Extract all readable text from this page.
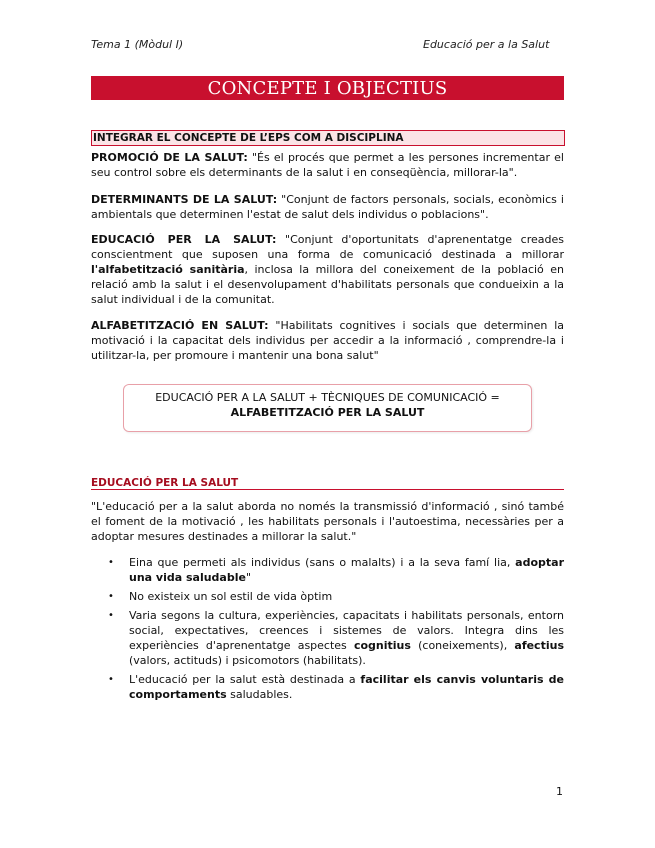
Tema 1 (Mòdul I)	Educació per a la Salut
CONCEPTE I OBJECTIUS
INTEGRAR EL CONCEPTE DE L’EPS COM A DISCIPLINA

PROMOCIÓ DE LA SALUT: "És el procés que permet a les persones incrementar el seu control sobre els determinants de la salut i en conseqüència, millorar-la".

DETERMINANTS DE LA SALUT: "Conjunt de factors personals, socials, econòmics i ambientals que determinen l'estat de salut dels individus o poblacions".

EDUCACIÓ PER LA SALUT: "Conjunt d'oportunitats d'aprenentatge creades conscientment que suposen una forma de comunicació destinada a millorar l'alfabetització sanitària, inclosa la millora del coneixement de la població en relació amb la salut i el desenvolupament d'habilitats personals que condueixin a la salut individual i de la comunitat.

ALFABETITZACIÓ EN SALUT: "Habilitats cognitives i socials que determinen la motivació i la capacitat dels individus per accedir a la informació , comprendre-la i utilitzar-la, per promoure i mantenir una bona salut"

EDUCACIÓ PER A LA SALUT + TÈCNIQUES DE COMUNICACIÓ =
ALFABETITZACIÓ PER LA SALUT
EDUCACIÓ PER LA SALUT

"L'educació per a la salut aborda no només la transmissió d'informació , sinó també el foment de la motivació , les habilitats personals i l'autoestima, necessàries per a adoptar mesures destinades a millorar la salut."

• Eina que permeti als individus (sans o malalts) i a la seva famí lia, adoptar una vida saludable"
• No existeix un sol estil de vida òptim
• Varia segons la cultura, experiències, capacitats i habilitats personals, entorn social, expectatives, creences i sistemes de valors. Integra dins les experiències d'aprenentatge aspectes cognitius (coneixements), afectius (valors, actituds) i psicomotors (habilitats).
• L'educació per la salut està destinada a facilitar els canvis voluntaris de comportaments saludables.
1
